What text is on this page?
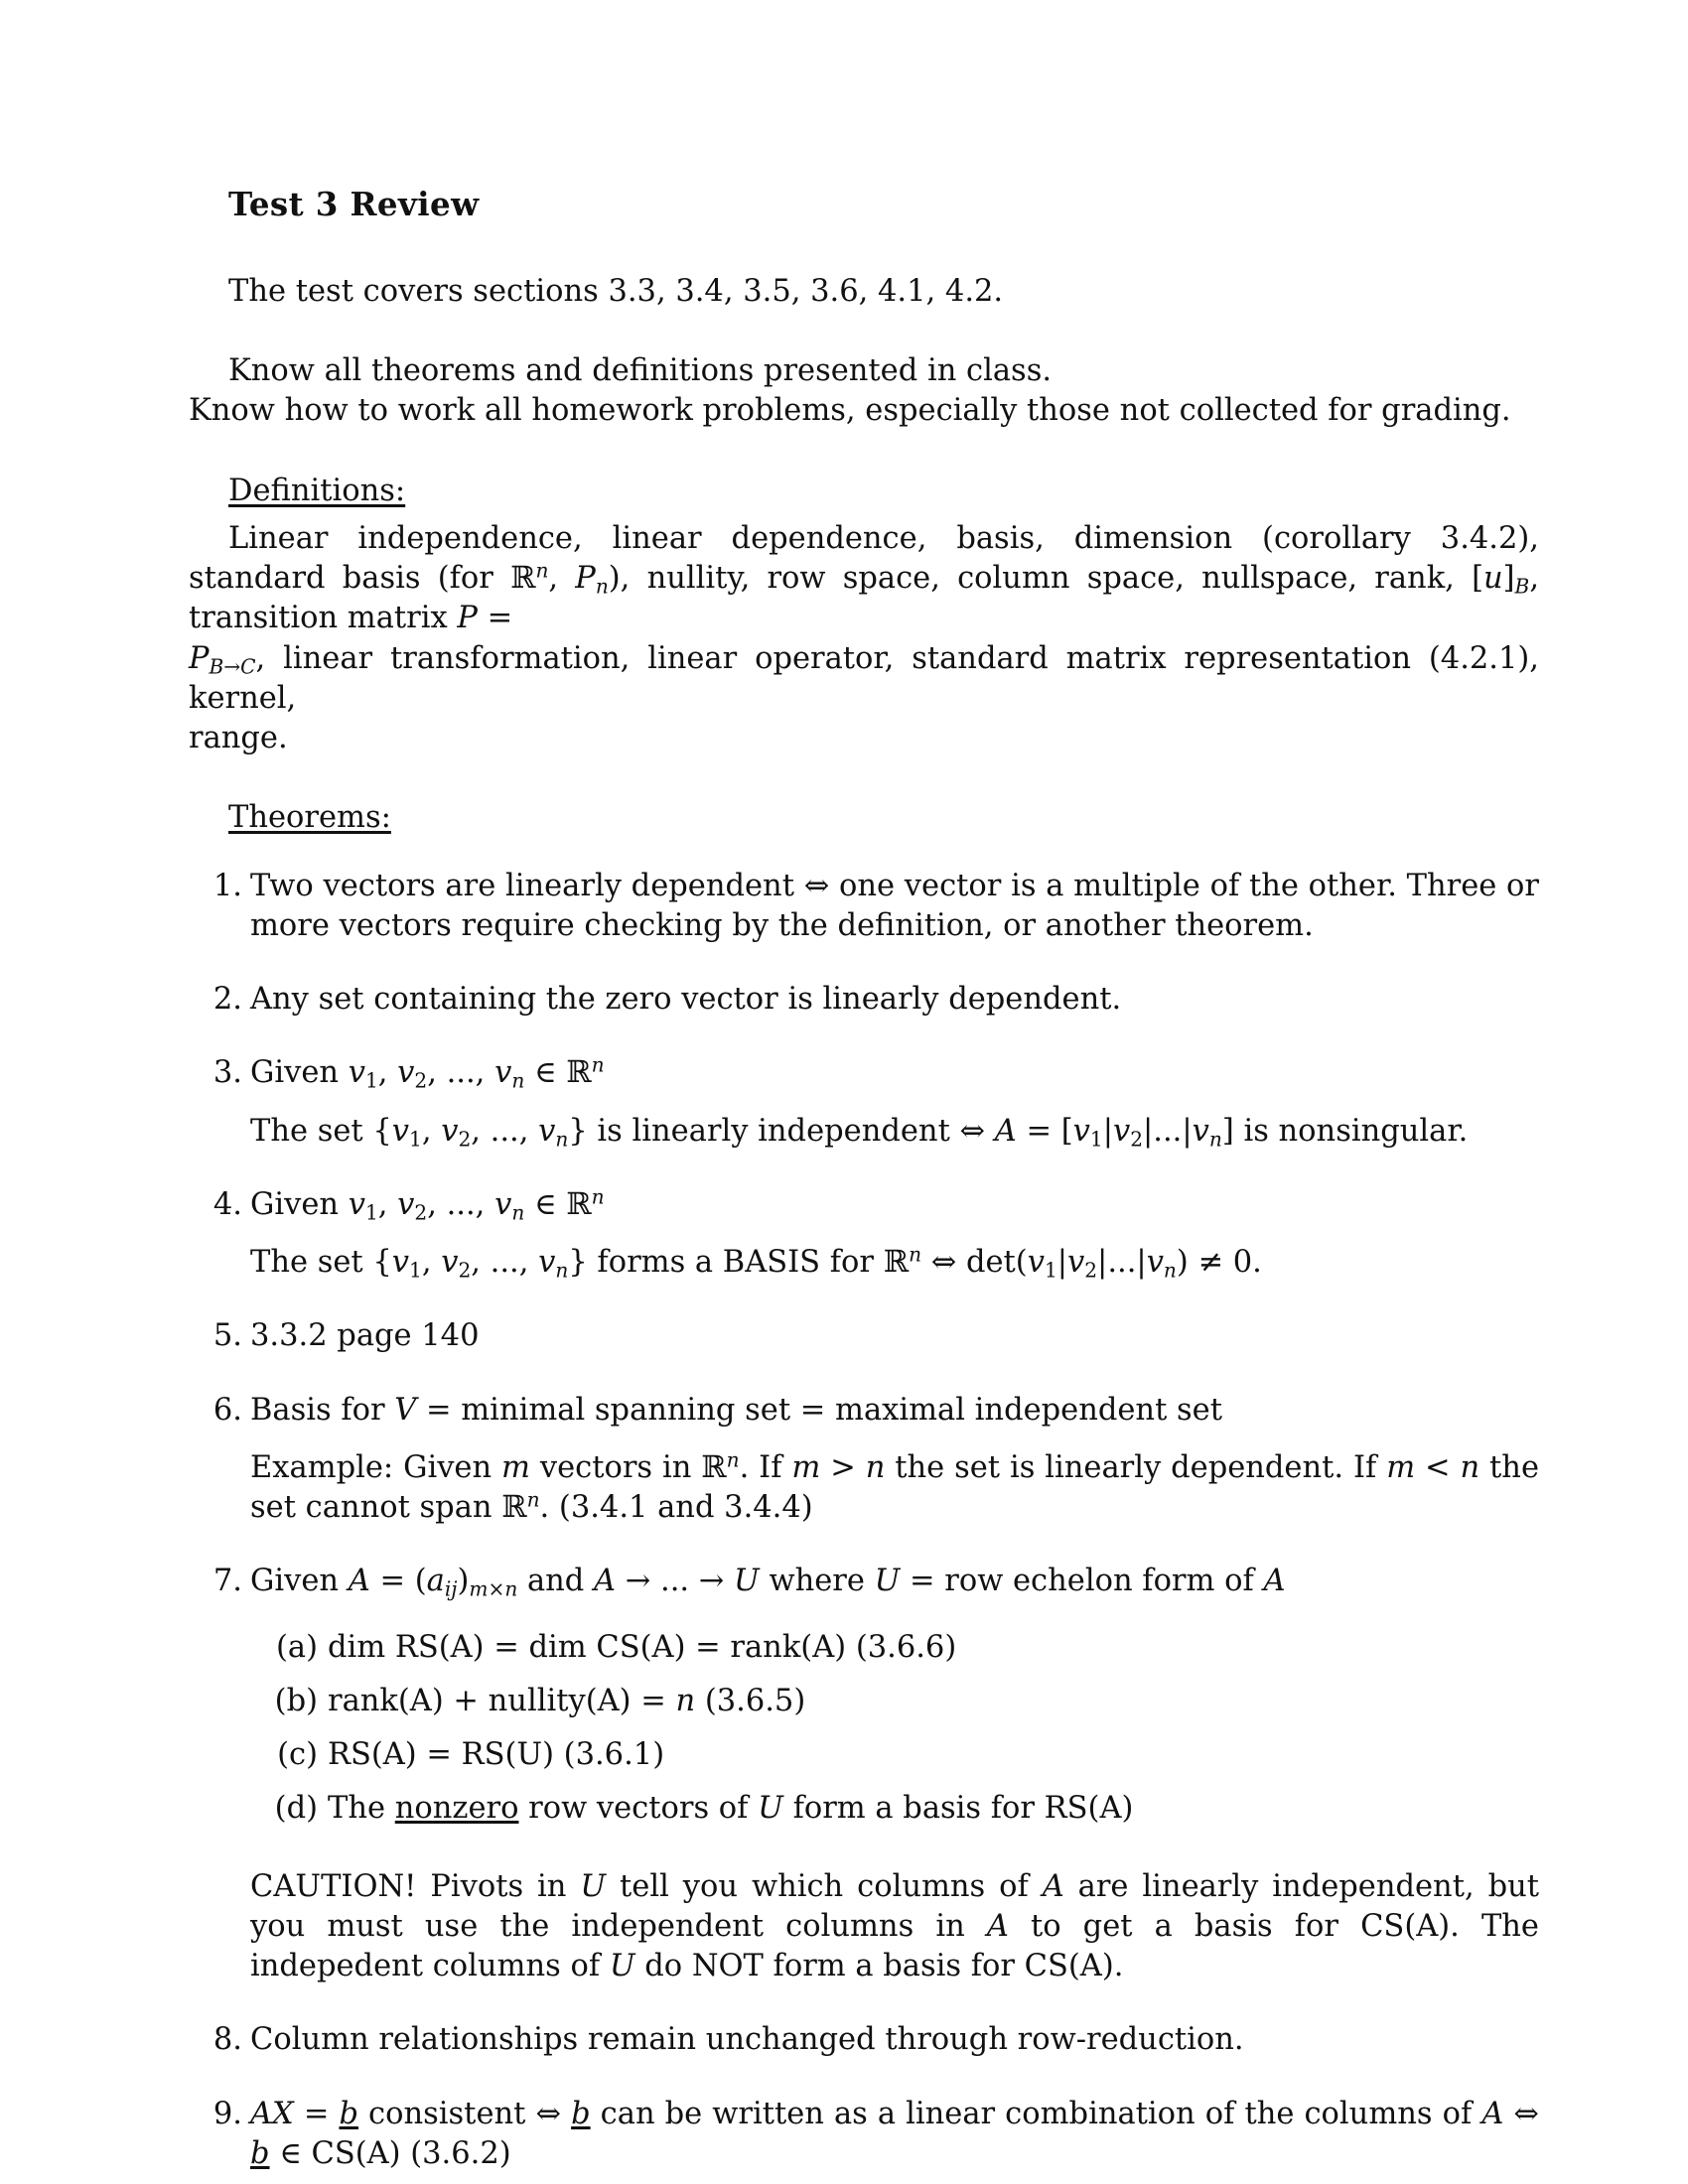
Test 3 Review

The test covers sections 3.3, 3.4, 3.5, 3.6, 4.1, 4.2.

Know all theorems and definitions presented in class.

Know how to work all homework problems, especially those not collected for grading.

Definitions:

Linear independence, linear dependence, basis, dimension (corollary 3.4.2), standard basis (for ℝ$^n$, $P_n$), nullity, row space, column space, nullspace, rank, $[u]_B$, transition matrix P =

$P_{B\to C}$, linear transformation, linear operator, standard matrix representation (4.2.1), kernel,

range.

Theorems:
1. Two vectors are linearly dependent ⇔ one vector is a multiple of the other. Three or more vectors require checking by the definition, or another theorem.
2. Any set containing the zero vector is linearly dependent.
3. Given $v_1$, $v_2$, ..., $v_n$ ∈ ℝ$^n$
The set {$v_1$, $v_2$, ..., $v_n$} is linearly independent ⇔ $A = [v_1|v_2|...|v_n]$ is nonsingular.
4. Given $v_1$, $v_2$, ..., $v_n$ ∈ ℝ$^n$
The set {$v_1$, $v_2$, ..., $v_n$} forms a BASIS for ℝ$^n$ ⇔ $\det(v_1|v_2|...|v_n) \ne 0$.
5. 3.3.2 page 140
6. Basis for V = minimal spanning set = maximal independent set
Example: Given m vectors in ℝ$^n$. If m > n the set is linearly dependent. If m < n the set cannot span ℝ$^n$. (3.4.1 and 3.4.4)
7. Given $A = (a_{ij})_{m\times n}$ and A → ... → U where U = row echelon form of A
(a) dim RS(A) = dim CS(A) = rank(A) (3.6.6)
(b) rank(A) + nullity(A) = n (3.6.5)
(c) RS(A) = RS(U) (3.6.1)
(d) The nonzero row vectors of U form a basis for RS(A)
CAUTION! Pivots in U tell you which columns of A are linearly independent, but you must use the independent columns in A to get a basis for CS(A). The indepedent columns of U do NOT form a basis for CS(A).
8. Column relationships remain unchanged through row-reduction.
9. AX = b consistent ⇔ b can be written as a linear combination of the columns of A ⇔ b ∈ CS(A) (3.6.2)
